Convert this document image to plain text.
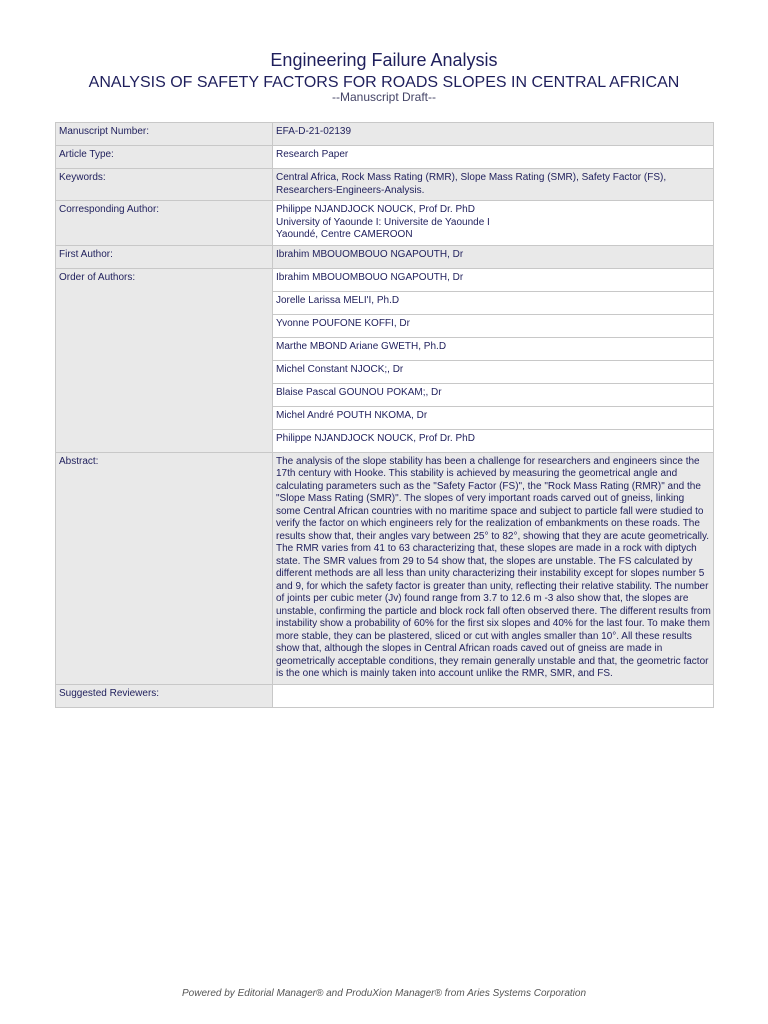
Engineering Failure Analysis
ANALYSIS OF SAFETY FACTORS FOR ROADS SLOPES IN CENTRAL AFRICAN
--Manuscript Draft--
Manuscript Number:	EFA-D-21-02139
Article Type:	Research Paper
Keywords:	Central Africa, Rock Mass Rating (RMR), Slope Mass Rating (SMR), Safety Factor (FS), Researchers-Engineers-Analysis.
Corresponding Author:	Philippe NJANDJOCK NOUCK, Prof Dr. PhD
University of Yaounde I: Universite de Yaounde I
Yaoundé, Centre CAMEROON

First Author:	Ibrahim MBOUOMBOUO NGAPOUTH, Dr
Order of Authors:	Ibrahim MBOUOMBOUO NGAPOUTH, Dr
	Jorelle Larissa MELI'I, Ph.D
	Yvonne POUFONE KOFFI, Dr
	Marthe MBOND Ariane GWETH, Ph.D
	Michel Constant NJOCK;, Dr
	Blaise Pascal GOUNOU POKAM;, Dr
	Michel André POUTH NKOMA, Dr
	Philippe NJANDJOCK NOUCK, Prof Dr. PhD
Abstract:	The analysis of the slope stability has been a challenge for researchers and engineers since the 17th century with Hooke. This stability is achieved by measuring the geometrical angle and calculating parameters such as the "Safety Factor (FS)", the "Rock Mass Rating (RMR)" and the "Slope Mass Rating (SMR)". The slopes of very important roads carved out of gneiss, linking some Central African countries with no maritime space and subject to particle fall were studied to verify the factor on which engineers rely for the realization of embankments on these roads. The results show that, their angles vary between 25° to 82°, showing that they are acute geometrically. The RMR varies from 41 to 63 characterizing that, these slopes are made in a rock with diptych state. The SMR values from 29 to 54 show that, the slopes are unstable. The FS calculated by different methods are all less than unity characterizing their instability except for slopes number 5 and 9, for which the safety factor is greater than unity, reflecting their relative stability. The number of joints per cubic meter (Jv) found range from 3.7 to 12.6 m -3 also show that, the slopes are unstable, confirming the particle and block rock fall often observed there. The different results from instability show a probability of 60% for the first six slopes and 40% for the last four. To make them more stable, they can be plastered, sliced or cut with angles smaller than 10°. All these results show that, although the slopes in Central African roads caved out of gneiss are made in geometrically acceptable conditions, they remain generally unstable and that, the geometric factor is the one which is mainly taken into account unlike the RMR, SMR, and FS.
Suggested Reviewers:	
Powered by Editorial Manager® and ProduXion Manager® from Aries Systems Corporation
